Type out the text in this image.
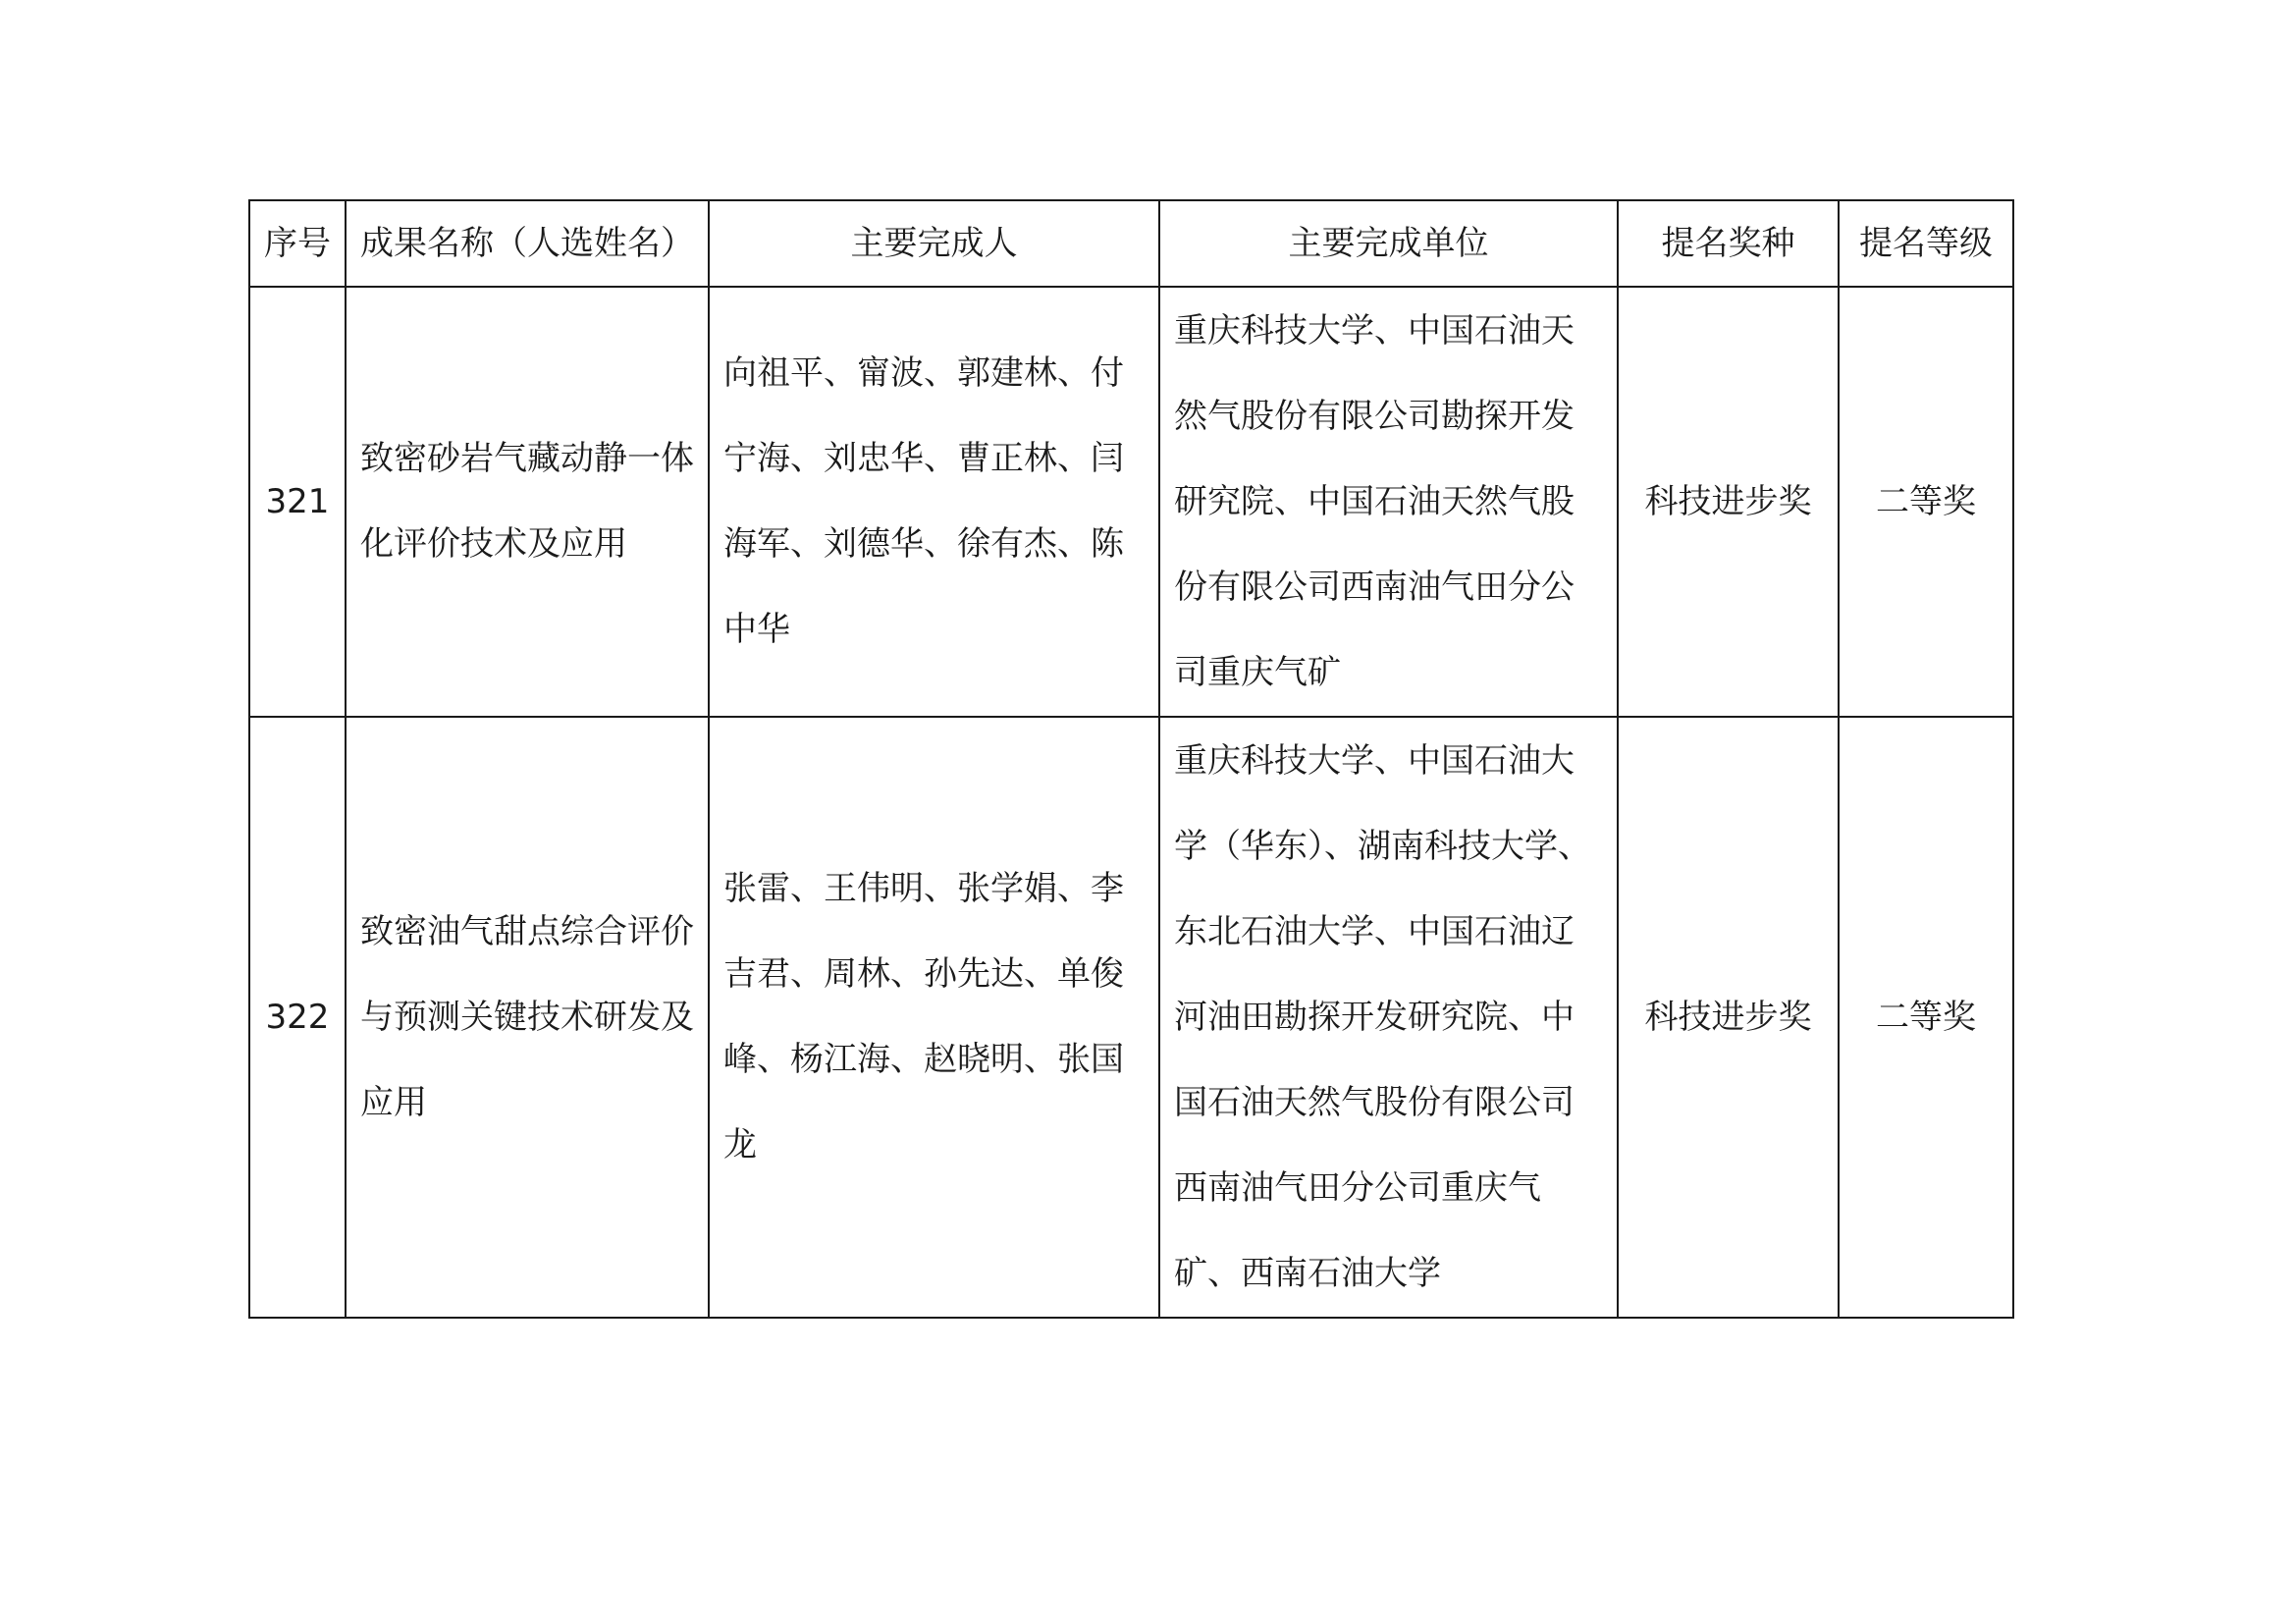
序号	成果名称（人选姓名）	主要完成人	主要完成单位	提名奖种	提名等级

321	致密砂岩气藏动静一体化评价技术及应用	向祖平、甯波、郭建林、付宁海、刘忠华、曹正林、闫海军、刘德华、徐有杰、陈中华	重庆科技大学、中国石油天然气股份有限公司勘探开发研究院、中国石油天然气股份有限公司西南油气田分公司重庆气矿	科技进步奖	二等奖

322	致密油气甜点综合评价与预测关键技术研发及应用	张雷、王伟明、张学娟、李吉君、周林、孙先达、单俊峰、杨江海、赵晓明、张国龙	重庆科技大学、中国石油大学（华东）、湖南科技大学、东北石油大学、中国石油辽河油田勘探开发研究院、中国石油天然气股份有限公司西南油气田分公司重庆气矿、西南石油大学	科技进步奖	二等奖
